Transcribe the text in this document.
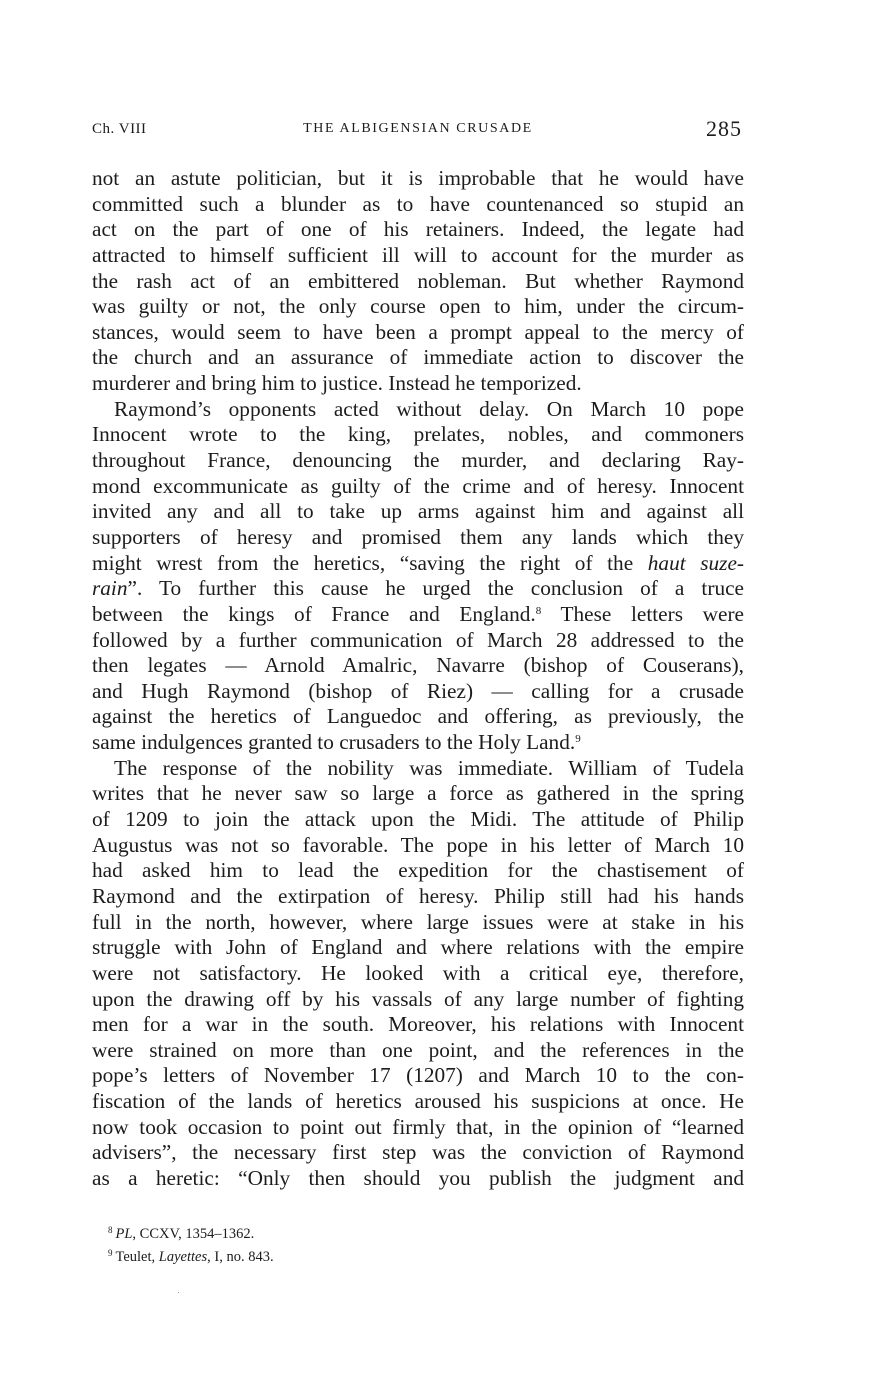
Ch. VIII	THE ALBIGENSIAN CRUSADE	285
not an astute politician, but it is improbable that he would have
committed such a blunder as to have countenanced so stupid an
act on the part of one of his retainers. Indeed, the legate had
attracted to himself sufficient ill will to account for the murder as
the rash act of an embittered nobleman. But whether Raymond
was guilty or not, the only course open to him, under the circum-
stances, would seem to have been a prompt appeal to the mercy of
the church and an assurance of immediate action to discover the
murderer and bring him to justice. Instead he temporized.
Raymond’s opponents acted without delay. On March 10 pope
Innocent wrote to the king, prelates, nobles, and commoners
throughout France, denouncing the murder, and declaring Ray-
mond excommunicate as guilty of the crime and of heresy. Innocent
invited any and all to take up arms against him and against all
supporters of heresy and promised them any lands which they
might wrest from the heretics, “saving the right of the haut suze-
rain”. To further this cause he urged the conclusion of a truce
between the kings of France and England.$^8$ These letters were
followed by a further communication of March 28 addressed to the
then legates — Arnold Amalric, Navarre (bishop of Couserans),
and Hugh Raymond (bishop of Riez) — calling for a crusade
against the heretics of Languedoc and offering, as previously, the
same indulgences granted to crusaders to the Holy Land.$^9$
The response of the nobility was immediate. William of Tudela
writes that he never saw so large a force as gathered in the spring
of 1209 to join the attack upon the Midi. The attitude of Philip
Augustus was not so favorable. The pope in his letter of March 10
had asked him to lead the expedition for the chastisement of
Raymond and the extirpation of heresy. Philip still had his hands
full in the north, however, where large issues were at stake in his
struggle with John of England and where relations with the empire
were not satisfactory. He looked with a critical eye, therefore,
upon the drawing off by his vassals of any large number of fighting
men for a war in the south. Moreover, his relations with Innocent
were strained on more than one point, and the references in the
pope’s letters of November 17 (1207) and March 10 to the con-
fiscation of the lands of heretics aroused his suspicions at once. He
now took occasion to point out firmly that, in the opinion of “learned
advisers”, the necessary first step was the conviction of Raymond
as a heretic: “Only then should you publish the judgment and
$^8$ PL, CCXV, 1354–1362.
$^9$ Teulet, Layettes, I, no. 843.
